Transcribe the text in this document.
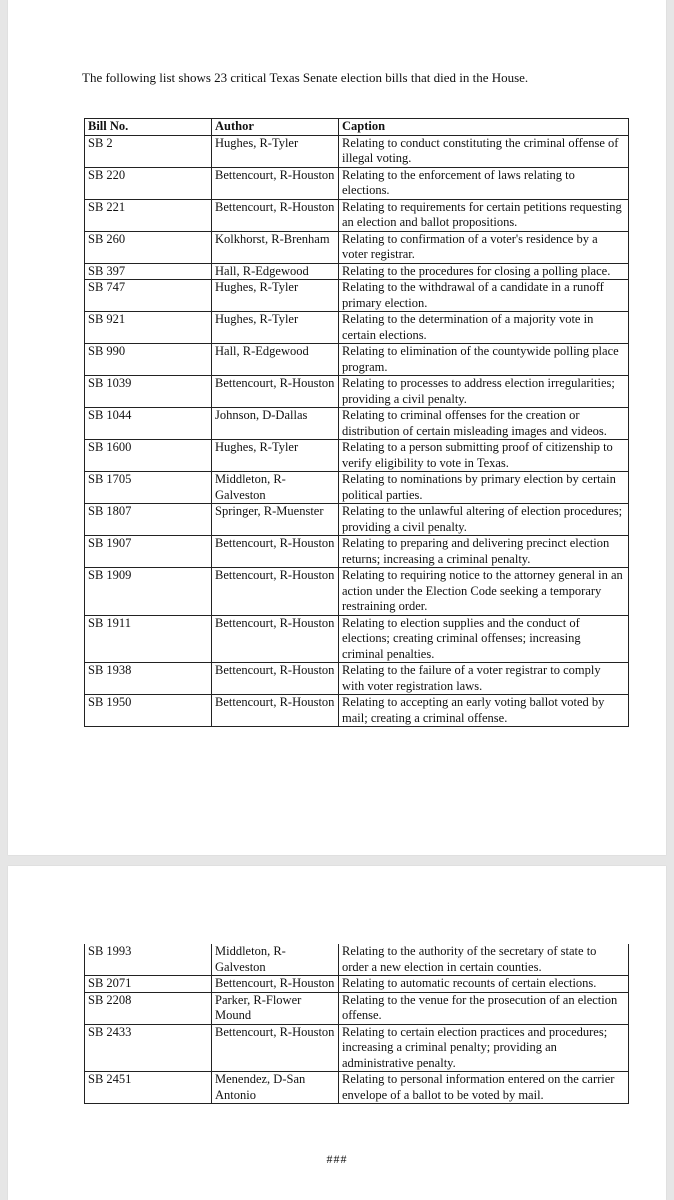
The following list shows 23 critical Texas Senate election bills that died in the House.
Bill No.	Author	Caption
SB 2	Hughes, R-Tyler	Relating to conduct constituting the criminal offense of illegal voting.
SB 220	Bettencourt, R-Houston	Relating to the enforcement of laws relating to elections.
SB 221	Bettencourt, R-Houston	Relating to requirements for certain petitions requesting an election and ballot propositions.
SB 260	Kolkhorst, R-Brenham	Relating to confirmation of a voter's residence by a voter registrar.
SB 397	Hall, R-Edgewood	Relating to the procedures for closing a polling place.
SB 747	Hughes, R-Tyler	Relating to the withdrawal of a candidate in a runoff primary election.
SB 921	Hughes, R-Tyler	Relating to the determination of a majority vote in certain elections.
SB 990	Hall, R-Edgewood	Relating to elimination of the countywide polling place program.
SB 1039	Bettencourt, R-Houston	Relating to processes to address election irregularities; providing a civil penalty.
SB 1044	Johnson, D-Dallas	Relating to criminal offenses for the creation or distribution of certain misleading images and videos.
SB 1600	Hughes, R-Tyler	Relating to a person submitting proof of citizenship to verify eligibility to vote in Texas.
SB 1705	Middleton, R-Galveston	Relating to nominations by primary election by certain political parties.
SB 1807	Springer, R-Muenster	Relating to the unlawful altering of election procedures; providing a civil penalty.
SB 1907	Bettencourt, R-Houston	Relating to preparing and delivering precinct election returns; increasing a criminal penalty.
SB 1909	Bettencourt, R-Houston	Relating to requiring notice to the attorney general in an action under the Election Code seeking a temporary restraining order.
SB 1911	Bettencourt, R-Houston	Relating to election supplies and the conduct of elections; creating criminal offenses; increasing criminal penalties.
SB 1938	Bettencourt, R-Houston	Relating to the failure of a voter registrar to comply with voter registration laws.
SB 1950	Bettencourt, R-Houston	Relating to accepting an early voting ballot voted by mail; creating a criminal offense.
SB 1993	Middleton, R-Galveston	Relating to the authority of the secretary of state to order a new election in certain counties.
SB 2071	Bettencourt, R-Houston	Relating to automatic recounts of certain elections.
SB 2208	Parker, R-Flower Mound	Relating to the venue for the prosecution of an election offense.
SB 2433	Bettencourt, R-Houston	Relating to certain election practices and procedures; increasing a criminal penalty; providing an administrative penalty.
SB 2451	Menendez, D-San Antonio	Relating to personal information entered on the carrier envelope of a ballot to be voted by mail.
###
